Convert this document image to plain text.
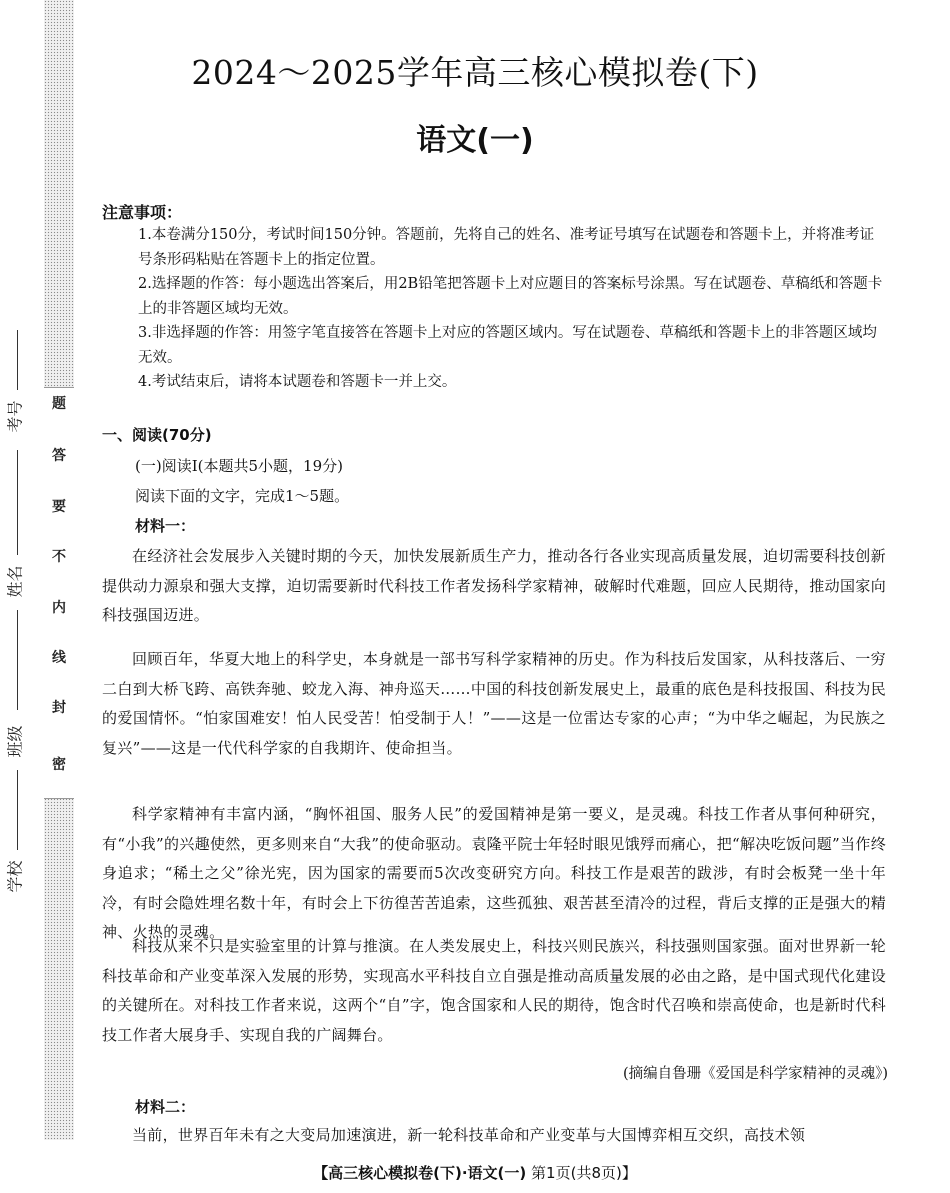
题
答
要
不
内
线
封
密
考号
姓名
班级
学校
2024～2025学年高三核心模拟卷(下)
语文(一)
注意事项：
1.本卷满分150分，考试时间150分钟。答题前，先将自己的姓名、准考证号填写在试题卷和答题卡上，并将准考证号条形码粘贴在答题卡上的指定位置。
2.选择题的作答：每小题选出答案后，用2B铅笔把答题卡上对应题目的答案标号涂黑。写在试题卷、草稿纸和答题卡上的非答题区域均无效。
3.非选择题的作答：用签字笔直接答在答题卡上对应的答题区域内。写在试题卷、草稿纸和答题卡上的非答题区域均无效。
4.考试结束后，请将本试题卷和答题卡一并上交。
一、阅读(70分)
(一)阅读Ⅰ(本题共5小题，19分)
阅读下面的文字，完成1～5题。
材料一：
在经济社会发展步入关键时期的今天，加快发展新质生产力，推动各行各业实现高质量发展，迫切需要科技创新提供动力源泉和强大支撑，迫切需要新时代科技工作者发扬科学家精神，破解时代难题，回应人民期待，推动国家向科技强国迈进。
回顾百年，华夏大地上的科学史，本身就是一部书写科学家精神的历史。作为科技后发国家，从科技落后、一穷二白到大桥飞跨、高铁奔驰、蛟龙入海、神舟巡天……中国的科技创新发展史上，最重的底色是科技报国、科技为民的爱国情怀。“怕家国难安！怕人民受苦！怕受制于人！”——这是一位雷达专家的心声；“为中华之崛起，为民族之复兴”——这是一代代科学家的自我期许、使命担当。
科学家精神有丰富内涵，“胸怀祖国、服务人民”的爱国精神是第一要义，是灵魂。科技工作者从事何种研究，有“小我”的兴趣使然，更多则来自“大我”的使命驱动。袁隆平院士年轻时眼见饿殍而痛心，把“解决吃饭问题”当作终身追求；“稀土之父”徐光宪，因为国家的需要而5次改变研究方向。科技工作是艰苦的跋涉，有时会板凳一坐十年冷，有时会隐姓埋名数十年，有时会上下彷徨苦苦追索，这些孤独、艰苦甚至清冷的过程，背后支撑的正是强大的精神、火热的灵魂。
科技从来不只是实验室里的计算与推演。在人类发展史上，科技兴则民族兴，科技强则国家强。面对世界新一轮科技革命和产业变革深入发展的形势，实现高水平科技自立自强是推动高质量发展的必由之路，是中国式现代化建设的关键所在。对科技工作者来说，这两个“自”字，饱含国家和人民的期待，饱含时代召唤和崇高使命，也是新时代科技工作者大展身手、实现自我的广阔舞台。
(摘编自鲁珊《爱国是科学家精神的灵魂》)
材料二：
当前，世界百年未有之大变局加速演进，新一轮科技革命和产业变革与大国博弈相互交织，高技术领
【高三核心模拟卷(下)·语文(一) 第1页(共8页)】
